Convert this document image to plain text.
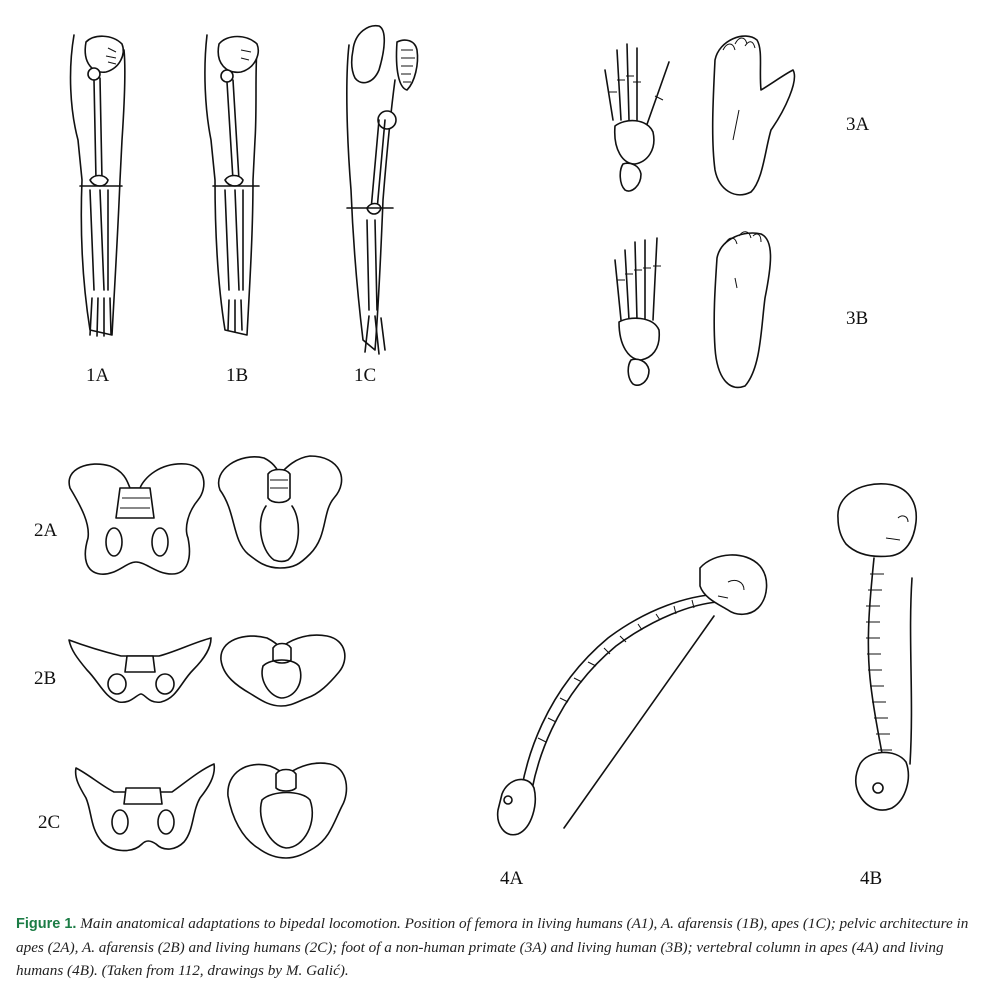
1A	1B	1C
3A
3B
2A
2B
2C
4A	4B
Figure 1. Main anatomical adaptations to bipedal locomotion. Position of femora in living humans (A1), A. afarensis (1B), apes (1C); pelvic architecture in apes (2A), A. afarensis (2B) and living humans (2C); foot of a non-human primate (3A) and living human (3B); vertebral column in apes (4A) and living humans (4B). (Taken from 112, drawings by M. Galić).
